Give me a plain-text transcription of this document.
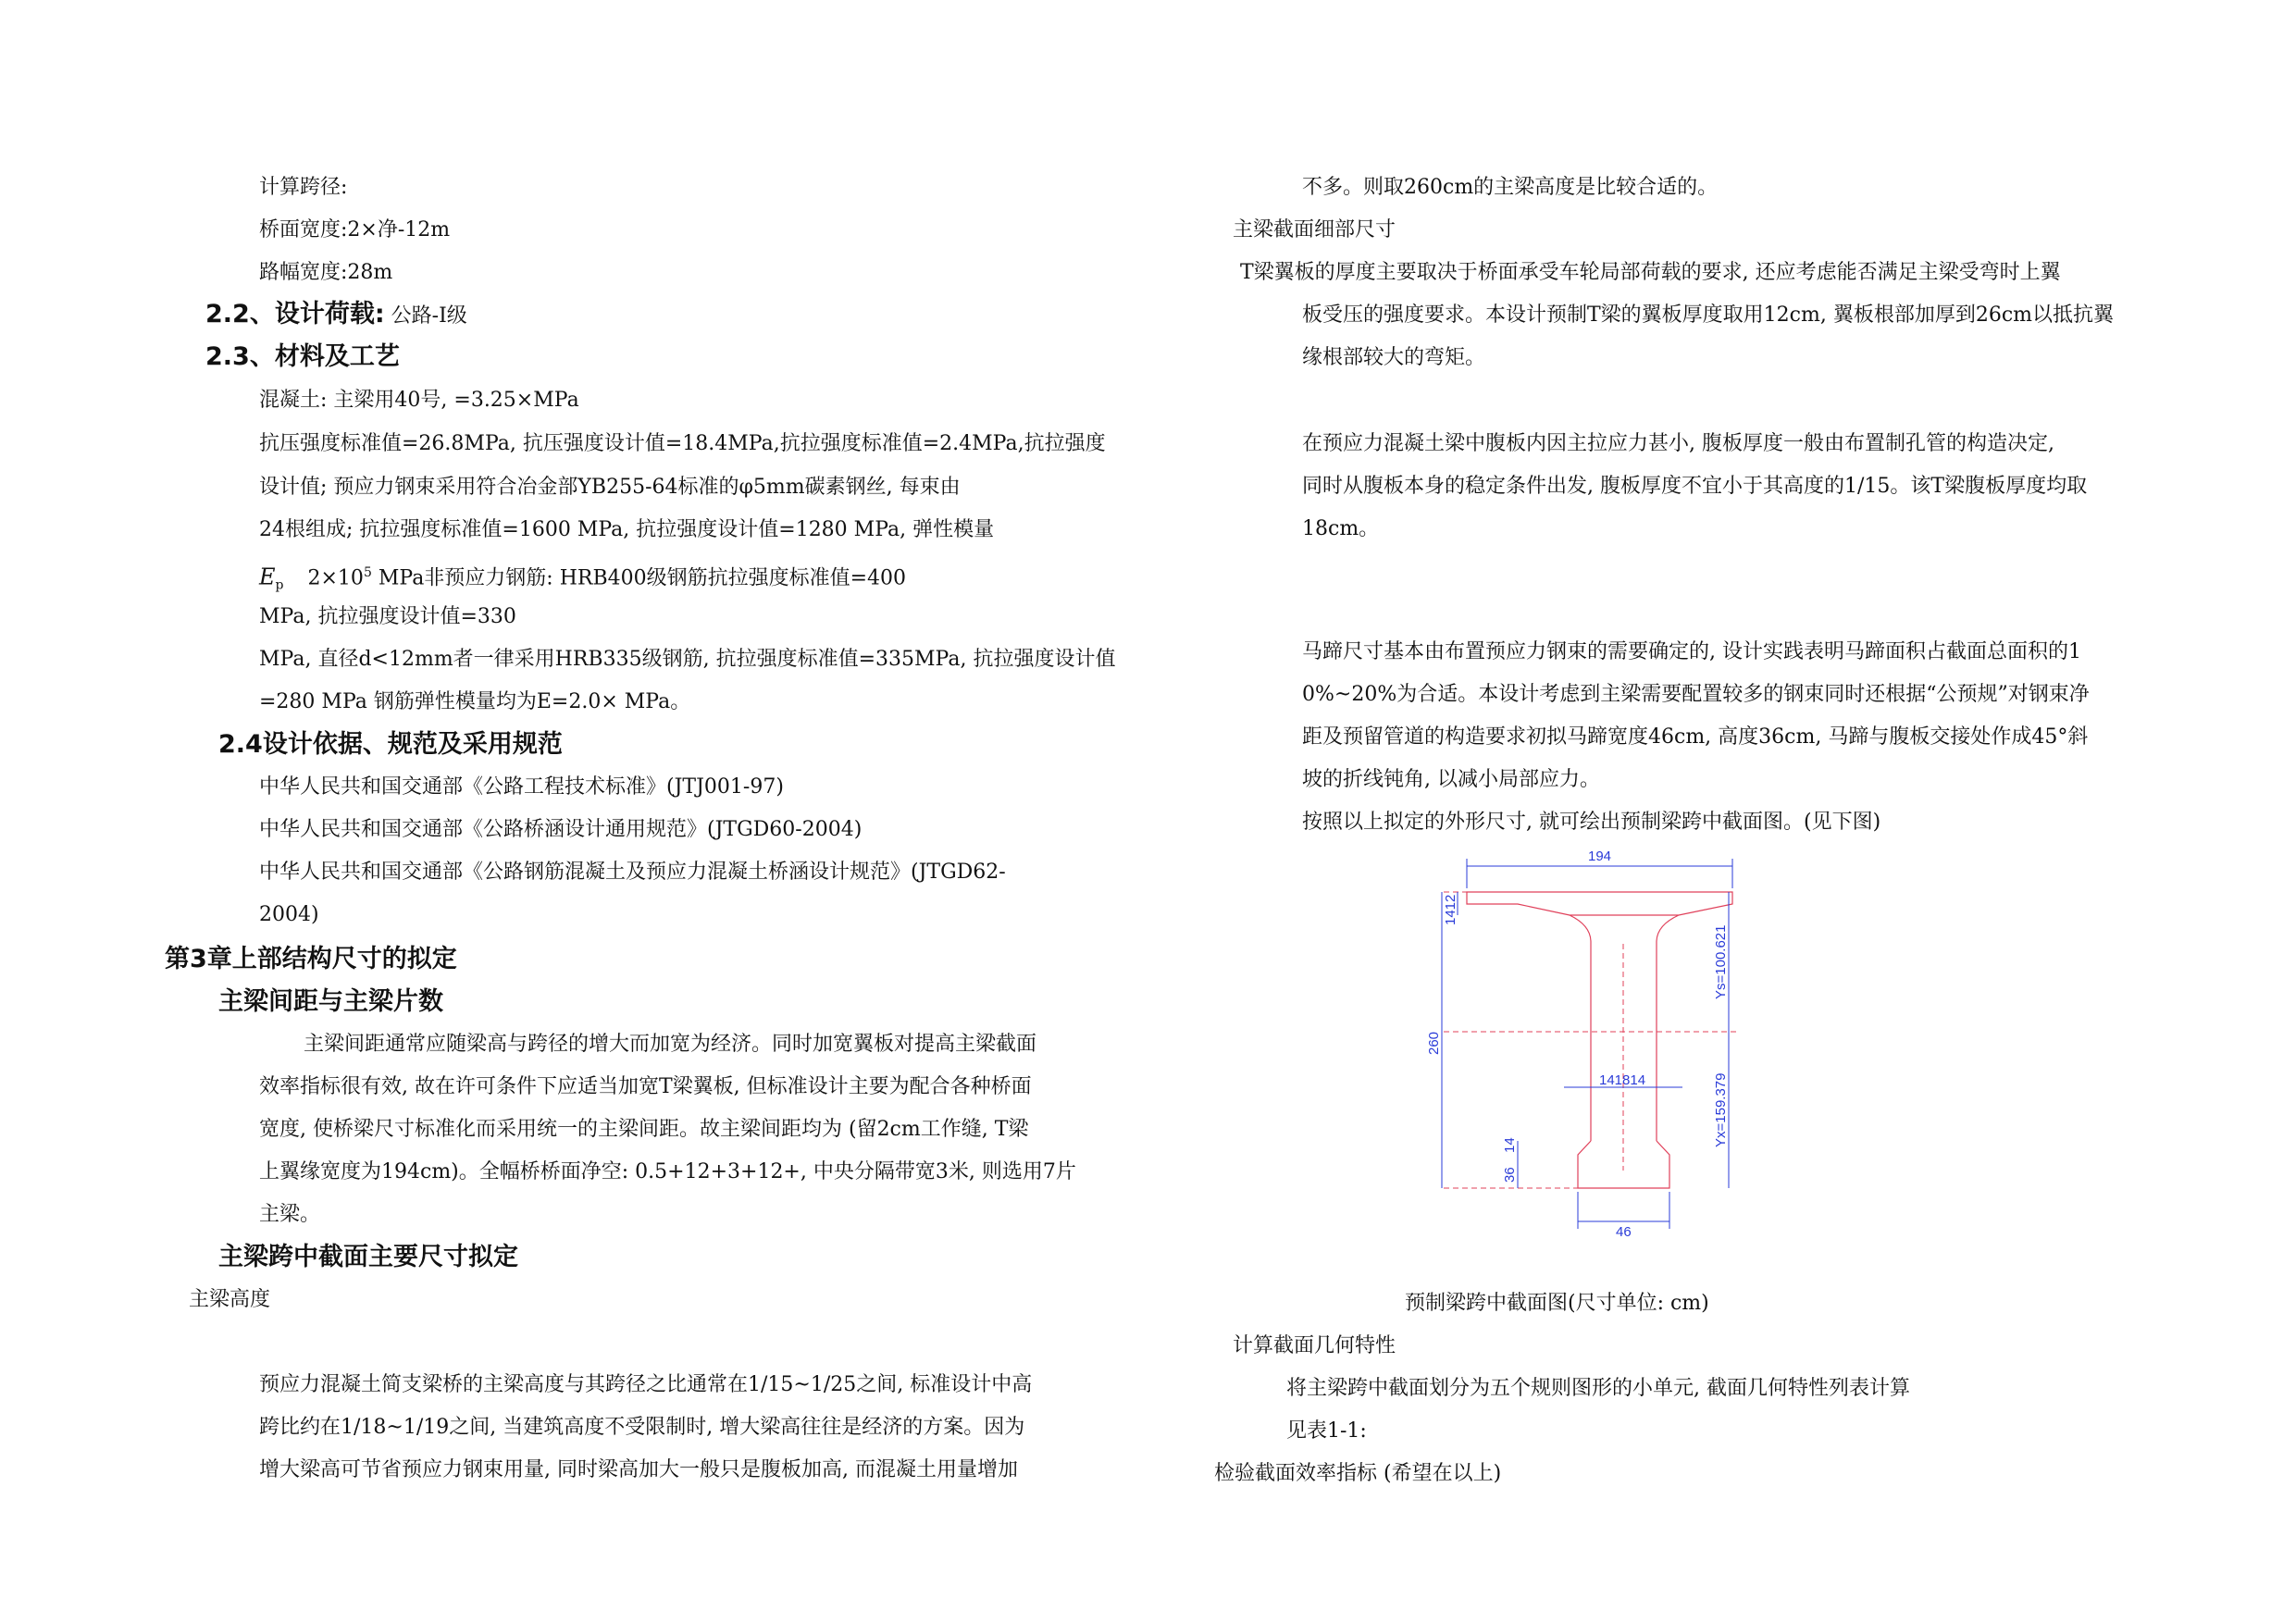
计算跨径:
桥面宽度:2×净-12m
路幅宽度:28m
2.2、设计荷载: 公路-I级
2.3、材料及工艺
混凝土: 主梁用40号, =3.25×MPa
抗压强度标准值=26.8MPa, 抗压强度设计值=18.4MPa,抗拉强度标准值=2.4MPa,抗拉强度
设计值; 预应力钢束采用符合冶金部YB255-64标准的φ5mm碳素钢丝, 每束由
24根组成; 抗拉强度标准值=1600 MPa, 抗拉强度设计值=1280 MPa, 弹性模量
$E_p$ $2\times 10^5$ MPa非预应力钢筋: HRB400级钢筋抗拉强度标准值=400
MPa, 抗拉强度设计值=330
MPa, 直径d<12mm者一律采用HRB335级钢筋, 抗拉强度标准值=335MPa, 抗拉强度设计值
=280 MPa 钢筋弹性模量均为E=2.0× MPa。
2.4设计依据、规范及采用规范
中华人民共和国交通部《公路工程技术标准》(JTJ001-97)
中华人民共和国交通部《公路桥涵设计通用规范》(JTGD60-2004)
中华人民共和国交通部《公路钢筋混凝土及预应力混凝土桥涵设计规范》(JTGD62-
2004)
第3章上部结构尺寸的拟定
主梁间距与主梁片数
主梁间距通常应随梁高与跨径的增大而加宽为经济。同时加宽翼板对提高主梁截面
效率指标很有效, 故在许可条件下应适当加宽T梁翼板, 但标准设计主要为配合各种桥面
宽度, 使桥梁尺寸标准化而采用统一的主梁间距。故主梁间距均为 (留2cm工作缝, T梁
上翼缘宽度为194cm)。全幅桥桥面净空: 0.5+12+3+12+, 中央分隔带宽3米, 则选用7片
主梁。
主梁跨中截面主要尺寸拟定
主梁高度
预应力混凝土简支梁桥的主梁高度与其跨径之比通常在1/15~1/25之间, 标准设计中高
跨比约在1/18~1/19之间, 当建筑高度不受限制时, 增大梁高往往是经济的方案。因为
增大梁高可节省预应力钢束用量, 同时梁高加大一般只是腹板加高, 而混凝土用量增加
不多。则取260cm的主梁高度是比较合适的。
主梁截面细部尺寸
T梁翼板的厚度主要取决于桥面承受车轮局部荷载的要求, 还应考虑能否满足主梁受弯时上翼
板受压的强度要求。本设计预制T梁的翼板厚度取用12cm, 翼板根部加厚到26cm以抵抗翼
缘根部较大的弯矩。
在预应力混凝土梁中腹板内因主拉应力甚小, 腹板厚度一般由布置制孔管的构造决定,
同时从腹板本身的稳定条件出发, 腹板厚度不宜小于其高度的1/15。该T梁腹板厚度均取
18cm。
马蹄尺寸基本由布置预应力钢束的需要确定的, 设计实践表明马蹄面积占截面总面积的1
0%~20%为合适。本设计考虑到主梁需要配置较多的钢束同时还根据“公预规”对钢束净
距及预留管道的构造要求初拟马蹄宽度46cm, 高度36cm, 马蹄与腹板交接处作成45°斜
坡的折线钝角, 以减小局部应力。
按照以上拟定的外形尺寸, 就可绘出预制梁跨中截面图。(见下图)
预制梁跨中截面图(尺寸单位: cm)
计算截面几何特性
将主梁跨中截面划分为五个规则图形的小单元, 截面几何特性列表计算
见表1-1:
检验截面效率指标 (希望在以上)
194
1412
260
Ys=100.621
Yx=159.379
141814
14
36
46
